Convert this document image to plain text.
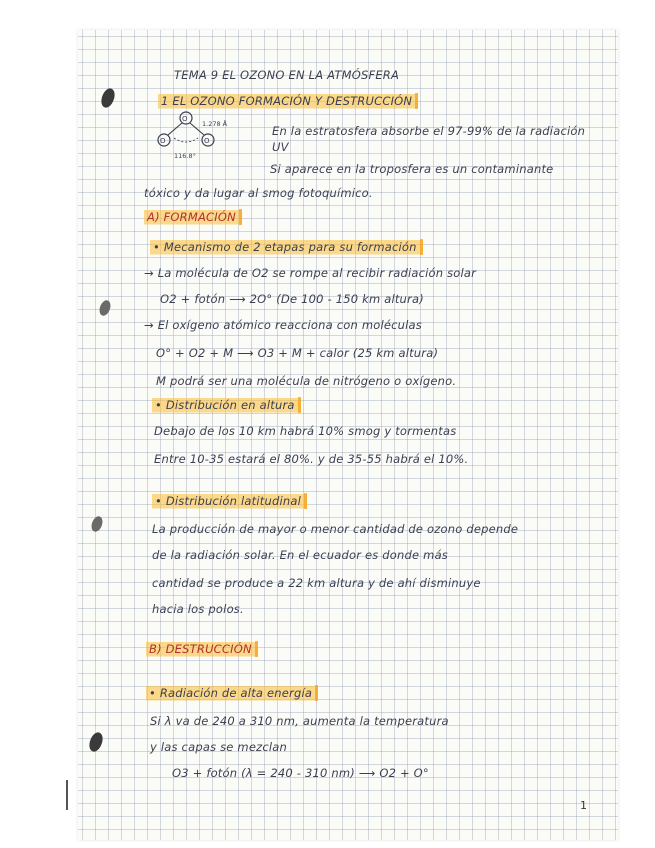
TEMA 9 EL OZONO EN LA ATMÓSFERA
1 EL OZONO FORMACIÓN Y DESTRUCCIÓN
O
O	O
1.278 Å
116.8°
En la estratosfera absorbe el 97-99% de la radiación
UV
Si aparece en la troposfera es un contaminante
tóxico y da lugar al smog fotoquímico.
A) FORMACIÓN
• Mecanismo de 2 etapas para su formación
→ La molécula de O2 se rompe al recibir radiación solar
O2 + fotón ⟶ 2O° (De 100 - 150 km altura)
→ El oxígeno atómico reacciona con moléculas
O° + O2 + M ⟶ O3 + M + calor (25 km altura)
M podrá ser una molécula de nitrógeno o oxígeno.
• Distribución en altura
Debajo de los 10 km habrá 10% smog y tormentas
Entre 10-35 estará el 80%. y de 35-55 habrá el 10%.
• Distribución latitudinal
La producción de mayor o menor cantidad de ozono depende
de la radiación solar. En el ecuador es donde más
cantidad se produce a 22 km altura y de ahí disminuye
hacia los polos.
B) DESTRUCCIÓN
• Radiación de alta energía
Si λ va de 240 a 310 nm, aumenta la temperatura
y las capas se mezclan
O3 + fotón (λ = 240 - 310 nm) ⟶ O2 + O°
1
